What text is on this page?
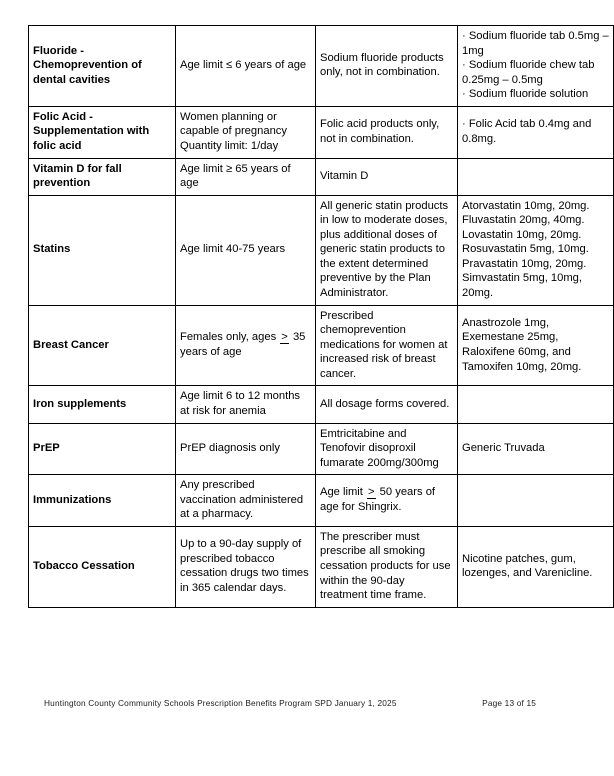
Fluoride -
Chemoprevention of
dental cavities	Age limit ≤ 6 years of age	Sodium fluoride products only, not in combination.	· Sodium fluoride tab 0.5mg – 1mg
· Sodium fluoride chew tab 0.25mg – 0.5mg
· Sodium fluoride solution

Folic Acid -
Supplementation with
folic acid	Women planning or capable of pregnancy Quantity limit: 1/day	Folic acid products only, not in combination.	· Folic Acid tab 0.4mg and 0.8mg.

Vitamin D for fall
prevention	Age limit ≥ 65 years of age	Vitamin D	
Statins	Age limit 40-75 years	All generic statin products in low to moderate doses, plus additional doses of generic statin products to the extent determined preventive by the Plan Administrator.	Atorvastatin 10mg, 20mg. Fluvastatin 20mg, 40mg. Lovastatin 10mg, 20mg. Rosuvastatin 5mg, 10mg. Pravastatin 10mg, 20mg. Simvastatin 5mg, 10mg, 20mg.
Breast Cancer	Females only, ages > 35 years of age	Prescribed chemoprevention medications for women at increased risk of breast cancer.	Anastrozole 1mg, Exemestane 25mg, Raloxifene 60mg, and Tamoxifen 10mg, 20mg.
Iron supplements	Age limit 6 to 12 months at risk for anemia	All dosage forms covered.	
PrEP	PrEP diagnosis only	Emtricitabine and Tenofovir disoproxil fumarate 200mg/300mg	Generic Truvada
Immunizations	Any prescribed vaccination administered at a pharmacy.	Age limit > 50 years of age for Shingrix.	
Tobacco Cessation	Up to a 90-day supply of prescribed tobacco cessation drugs two times in 365 calendar days.	The prescriber must prescribe all smoking cessation products for use within the 90-day treatment time frame.	Nicotine patches, gum, lozenges, and Varenicline.
Huntington County Community Schools Prescription Benefits Program SPD January 1, 2025	Page 13 of 15
